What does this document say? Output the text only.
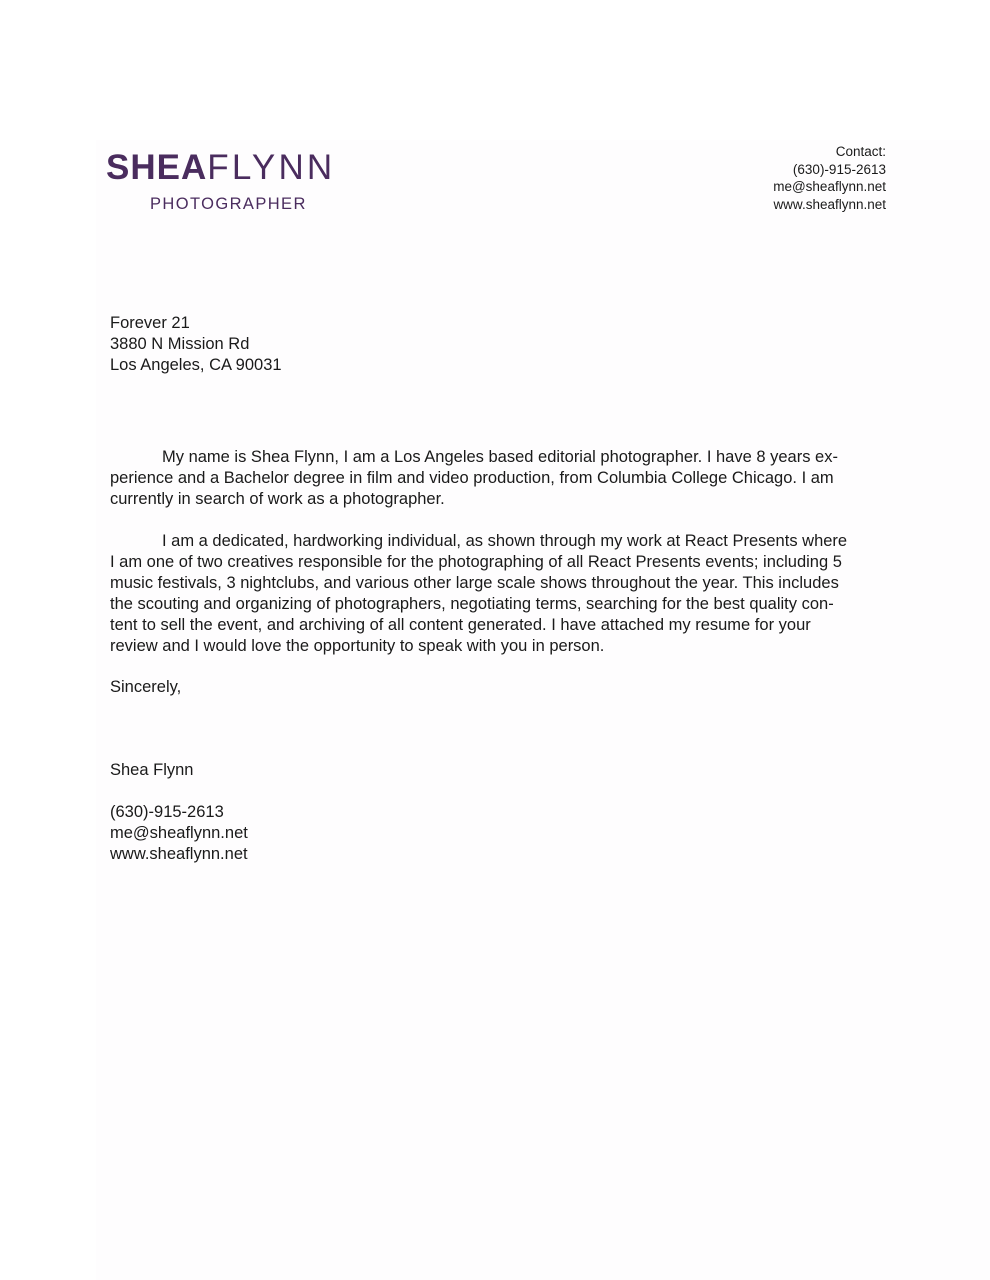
SHEAFLYNN
PHOTOGRAPHER
Contact:
(630)-915-2613
me@sheaflynn.net
www.sheaflynn.net
Forever 21
3880 N Mission Rd
Los Angeles, CA 90031

My name is Shea Flynn, I am a Los Angeles based editorial photographer. I have 8 years ex-
perience and a Bachelor degree in film and video production, from Columbia College Chicago. I am
currently in search of work as a photographer.

I am a dedicated, hardworking individual, as shown through my work at React Presents where
I am one of two creatives responsible for the photographing of all React Presents events; including 5
music festivals, 3 nightclubs, and various other large scale shows throughout the year. This includes
the scouting and organizing of photographers, negotiating terms, searching for the best quality con-
tent to sell the event, and archiving of all content generated. I have attached my resume for your
review and I would love the opportunity to speak with you in person.

Sincerely,
Shea Flynn
(630)-915-2613
me@sheaflynn.net
www.sheaflynn.net
